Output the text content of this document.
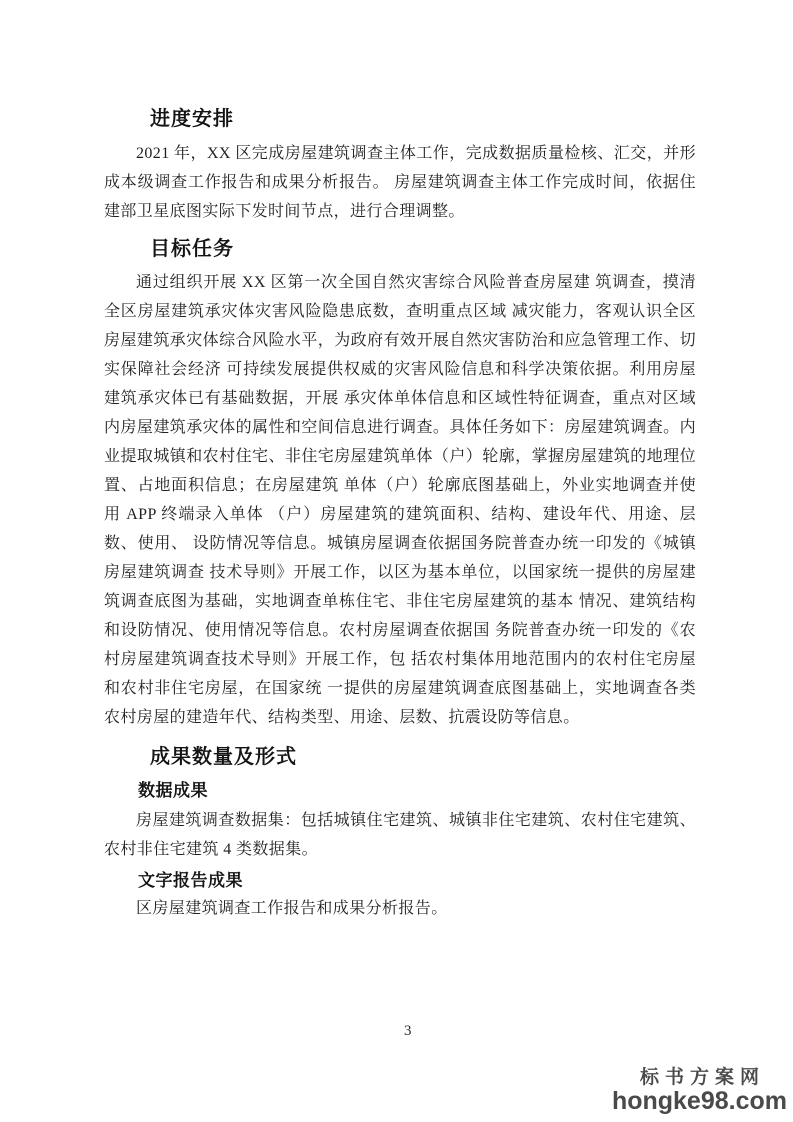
进度安排
2021 年，XX 区完成房屋建筑调查主体工作，完成数据质量检核、汇交，并形成本级调查工作报告和成果分析报告。 房屋建筑调查主体工作完成时间，依据住建部卫星底图实际下发时间节点，进行合理调整。
目标任务
通过组织开展 XX 区第一次全国自然灾害综合风险普查房屋建 筑调查，摸清全区房屋建筑承灾体灾害风险隐患底数，查明重点区域 减灾能力，客观认识全区房屋建筑承灾体综合风险水平，为政府有效开展自然灾害防治和应急管理工作、切实保障社会经济 可持续发展提供权威的灾害风险信息和科学决策依据。利用房屋建筑承灾体已有基础数据，开展 承灾体单体信息和区域性特征调查，重点对区域内房屋建筑承灾体的属性和空间信息进行调查。具体任务如下：房屋建筑调查。内业提取城镇和农村住宅、非住宅房屋建筑单体（户）轮廓，掌握房屋建筑的地理位置、占地面积信息；在房屋建筑 单体（户）轮廓底图基础上，外业实地调查并使用 APP 终端录入单体 （户）房屋建筑的建筑面积、结构、建设年代、用途、层数、使用、 设防情况等信息。城镇房屋调查依据国务院普查办统一印发的《城镇房屋建筑调查 技术导则》开展工作，以区为基本单位，以国家统一提供的房屋建筑调查底图为基础，实地调查单栋住宅、非住宅房屋建筑的基本 情况、建筑结构和设防情况、使用情况等信息。农村房屋调查依据国 务院普查办统一印发的《农村房屋建筑调查技术导则》开展工作，包 括农村集体用地范围内的农村住宅房屋和农村非住宅房屋，在国家统 一提供的房屋建筑调查底图基础上，实地调查各类农村房屋的建造年代、结构类型、用途、层数、抗震设防等信息。
成果数量及形式
数据成果
房屋建筑调查数据集：包括城镇住宅建筑、城镇非住宅建筑、农村住宅建筑、农村非住宅建筑 4 类数据集。
文字报告成果
区房屋建筑调查工作报告和成果分析报告。
3
标书方案网
hongke98.com
